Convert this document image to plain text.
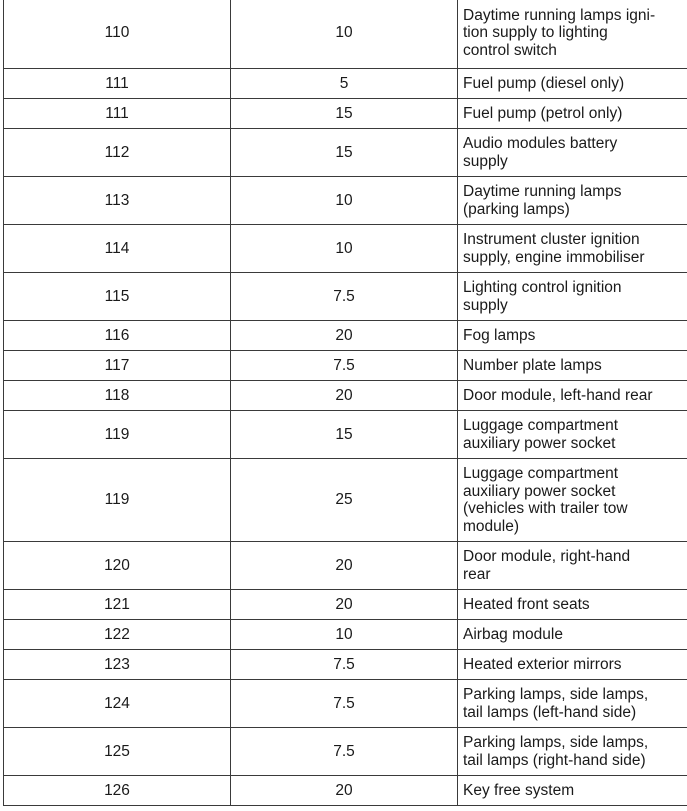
110	10	Daytime running lamps igni-
tion supply to lighting
control switch
111	5	Fuel pump (diesel only)
111	15	Fuel pump (petrol only)
112	15	Audio modules battery
supply
113	10	Daytime running lamps
(parking lamps)
114	10	Instrument cluster ignition
supply, engine immobiliser
115	7.5	Lighting control ignition
supply
116	20	Fog lamps
117	7.5	Number plate lamps
118	20	Door module, left-hand rear
119	15	Luggage compartment
auxiliary power socket
119	25	Luggage compartment
auxiliary power socket
(vehicles with trailer tow
module)
120	20	Door module, right-hand
rear
121	20	Heated front seats
122	10	Airbag module
123	7.5	Heated exterior mirrors
124	7.5	Parking lamps, side lamps,
tail lamps (left-hand side)
125	7.5	Parking lamps, side lamps,
tail lamps (right-hand side)
126	20	Key free system
